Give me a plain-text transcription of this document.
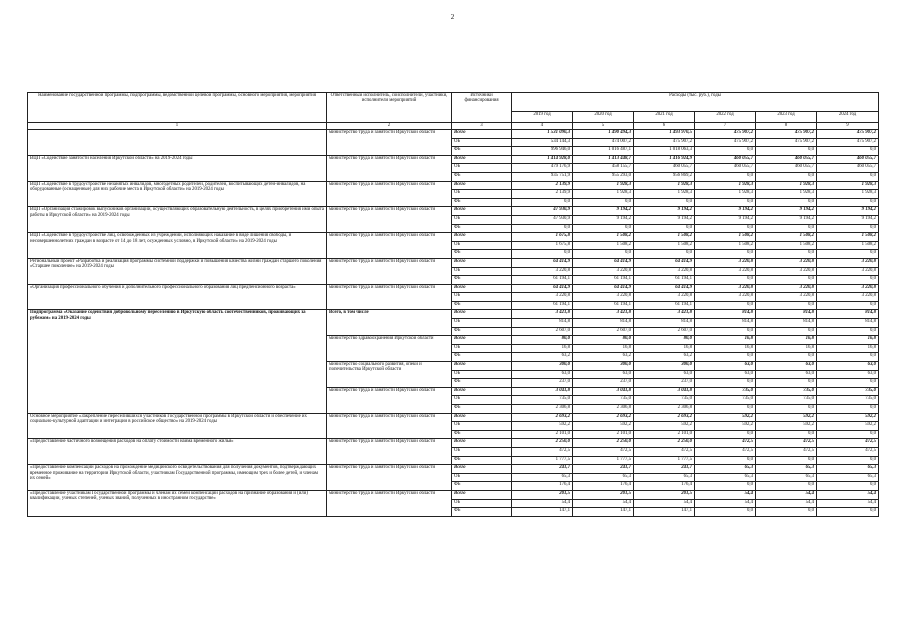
2
Наименование государственной программы, подпрограммы, ведомственной целевой программы, основного мероприятия, мероприятия	Ответственный исполнитель, соисполнители, участники, исполнители мероприятий	Источники финансирования	Расходы (тыс. руб.), годы					
			2019 год	2020 год	2021 год	2022 год	2023 год	2024 год
1	2	3	4	5	6	7	8	9
	министерство труда и занятости Иркутской области	Всего	1 531 090,3	1 490 494,3	1 493 970,5	475 907,2	475 907,2	475 907,2
		ОБ	534 144,3	474 007,2	475 907,2	475 907,2	475 907,2	475 907,2
		ФБ	996 946,0	1 016 487,1	1 018 063,3	0,0	0,0	0,0
ВЦП «Содействие занятости населения Иркутской области» на 2019-2024 годы	министерство труда и занятости Иркутской области	Всего	1 414 928,0	1 413 448,7	1 416 924,9	460 055,7	460 055,7	460 055,7
		ОБ	479 176,9	458 155,7	460 055,7	460 055,7	460 055,7	460 055,7
		ФБ	935 751,9	955 293,0	956 869,2	0,0	0,0	0,0
ВЦП «Содействие в трудоустройстве незанятых инвалидов, многодетных родителей, родителей, воспитывающих детей-инвалидов, на оборудованные (оснащенные) для них рабочие места в Иркутской области» на 2019-2024 годы	министерство труда и занятости Иркутской области	Всего	2 139,9	1 928,3	1 928,3	1 928,3	1 928,3	1 928,3
		ОБ	2 139,9	1 928,3	1 928,3	1 928,3	1 928,3	1 928,3
		ФБ	0,0	0,0	0,0	0,0	0,0	0,0
ВЦП «Организация стажировок выпускников организаций, осуществляющих образовательную деятельность, в целях приобретения ими опыта работы в Иркутской области» на 2019-2024 годы	министерство труда и занятости Иркутской области	Всего	47 930,9	9 194,2	9 194,2	9 194,2	9 194,2	9 194,2
		ОБ	47 930,9	9 194,2	9 194,2	9 194,2	9 194,2	9 194,2
		ФБ	0,0	0,0	0,0	0,0	0,0	0,0
ВЦП «Содействие в трудоустройстве лиц, освобожденных из учреждений, исполняющих наказание в виде лишения свободы, и несовершеннолетних граждан в возрасте от 14 до 18 лет, осужденных условно, в Иркутской области» на 2019-2024 годы	министерство труда и занятости Иркутской области	Всего	1 675,8	1 508,2	1 508,2	1 508,2	1 508,2	1 508,2
		ОБ	1 675,8	1 508,2	1 508,2	1 508,2	1 508,2	1 508,2
		ФБ	0,0	0,0	0,0	0,0	0,0	0,0
Региональный проект «Разработка и реализация программы системной поддержки и повышения качества жизни граждан старшего поколения «Старшее поколение» на 2019-2024 годы	министерство труда и занятости Иркутской области	Всего	64 414,9	64 414,9	64 414,9	3 220,8	3 220,8	3 220,8
		ОБ	3 220,8	3 220,8	3 220,8	3 220,8	3 220,8	3 220,8
		ФБ	61 194,1	61 194,1	61 194,1	0,0	0,0	0,0
«Организация профессионального обучения и дополнительного профессионального образования лиц предпенсионного возраста»	министерство труда и занятости Иркутской области	Всего	64 414,9	64 414,9	64 414,9	3 220,8	3 220,8	3 220,8
		ОБ	3 220,8	3 220,8	3 220,8	3 220,8	3 220,8	3 220,8
		ФБ	61 194,1	61 194,1	61 194,1	0,0	0,0	0,0
Подпрограмма «Оказание содействия добровольному переселению в Иркутскую область соотечественников, проживающих за рубежом» на 2019-2024 годы	Всего, в том числе	Всего	3 421,8	3 421,8	3 421,8	814,8	814,8	814,8
		ОБ	814,8	814,8	814,8	814,8	814,8	814,8
		ФБ	2 607,0	2 607,0	2 607,0	0,0	0,0	0,0
	министерство здравоохранения Иркутской области	Всего	80,0	80,0	80,0	16,8	16,8	16,8
		ОБ	16,8	16,8	16,8	16,8	16,8	16,8
		ФБ	63,2	63,2	63,2	0,0	0,0	0,0
	министерство социального развития, опеки и попечительства Иркутской области	Всего	300,0	300,0	300,0	63,0	63,0	63,0
		ОБ	63,0	63,0	63,0	63,0	63,0	63,0
		ФБ	237,0	237,0	237,0	0,0	0,0	0,0
	министерство труда и занятости Иркутской области	Всего	3 041,8	3 041,8	3 041,8	735,0	735,0	735,0
		ОБ	735,0	735,0	735,0	735,0	735,0	735,0
		ФБ	2 306,8	2 306,8	2 306,8	0,0	0,0	0,0
Основное мероприятие «Закрепление переселившихся участников Государственной программы в Иркутской области и обеспечение их социально-культурной адаптации и интеграции в российское общество» на 2019-2024 годы	министерство труда и занятости Иркутской области	Всего	2 693,2	2 693,2	2 693,2	592,2	592,2	592,2
		ОБ	592,2	592,2	592,2	592,2	592,2	592,2
		ФБ	2 101,0	2 101,0	2 101,0	0,0	0,0	0,0
«Предоставление частичного возмещения расходов на оплату стоимости найма временного жилья»	министерство труда и занятости Иркутской области	Всего	2 250,0	2 250,0	2 250,0	472,5	472,5	472,5
		ОБ	472,5	472,5	472,5	472,5	472,5	472,5
		ФБ	1 777,5	1 777,5	1 777,5	0,0	0,0	0,0
«Предоставление компенсации расходов на прохождение медицинского освидетельствования для получения документов, подтверждающих временное проживание на территории Иркутской области, участникам Государственной программы, имеющим трех и более детей, и членам их семей»	министерство труда и занятости Иркутской области	Всего	241,7	241,7	241,7	65,3	65,3	65,3
		ОБ	65,3	65,3	65,3	65,3	65,3	65,3
		ФБ	176,4	176,4	176,4	0,0	0,0	0,0
«Предоставление участникам Государственной программы и членам их семей компенсации расходов на признание образования и (или) квалификации, ученых степеней, ученых званий, полученных в иностранном государстве»	министерство труда и занятости Иркутской области	Всего	201,5	201,5	201,5	54,4	54,4	54,4
		ОБ	54,4	54,4	54,4	54,4	54,4	54,4
		ФБ	147,1	147,1	147,1	0,0	0,0	0,0
